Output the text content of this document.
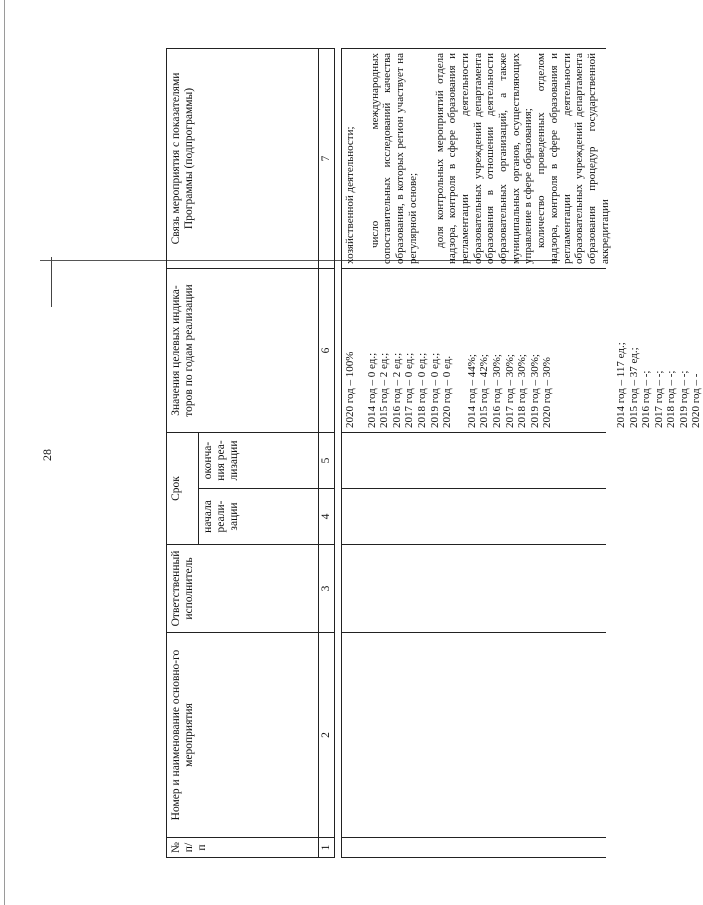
28
№ п/п
Номер и наименование основно-го мероприятия
Ответственный исполнитель
Срок
начала реали-зации
оконча-ния реа-лизации
Значения целевых индика-торов по годам реализации
Связь мероприятия с показателями Программы (подпрограммы)
1
2
3
4
5
6
7
2020 год – 100% 2014 год – 0 ед.; 2015 год – 2 ед.; 2016 год – 2 ед.; 2017 год – 0 ед.; 2018 год – 0 ед.; 2019 год – 0 ед.; 2020 год – 0 ед. 2014 год – 44%; 2015 год – 42%; 2016 год – 30%; 2017 год – 30%; 2018 год – 30%; 2019 год – 30%; 2020 год – 30%	2014 год – 117 ед.; 2015 год – 37 ед.; 2016 год – -; 2017 год – -; 2018 год – -; 2019 год – -; 2020 год – -

хозяйственной деятельности; число международных сопоставительных исследований качества образования, в которых регион участвует на регулярной основе; доля контрольных мероприятий отдела надзора, контроля в сфере образования и регламентации деятельности образовательных учреждений департамента образования в отношении деятельности образовательных организаций, а также муниципальных органов, осуществляющих управление в сфере образования; количество проведенных отделом надзора, контроля в сфере образования и регламентации деятельности образовательных учреждений департамента образования процедур государственной аккредитации
